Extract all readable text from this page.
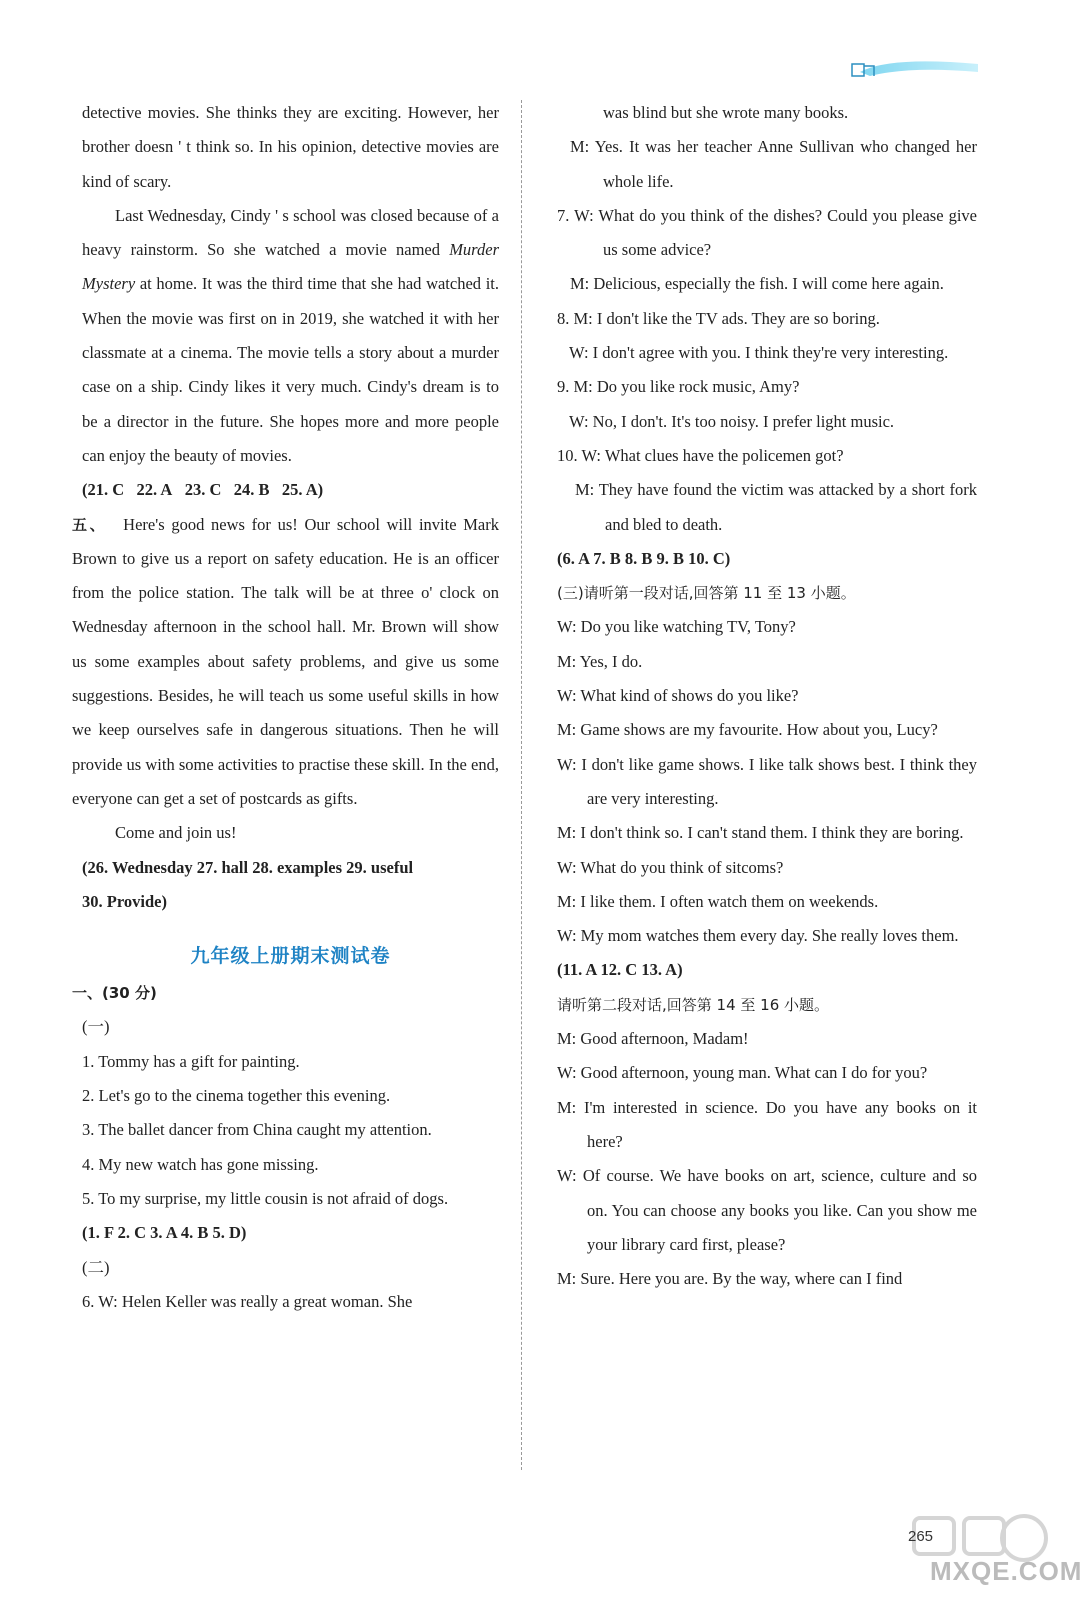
detective movies. She thinks they are exciting. However, her brother doesn ' t think so. In his opinion, detective movies are kind of scary.

Last Wednesday, Cindy ' s school was closed because of a heavy rainstorm. So she watched a movie named Murder Mystery at home. It was the third time that she had watched it. When the movie was first on in 2019, she watched it with her classmate at a cinema. The movie tells a story about a murder case on a ship. Cindy likes it very much. Cindy's dream is to be a director in the future. She hopes more and more people can enjoy the beauty of movies.

(21. C 22. A 23. C 24. B 25. A)

五、 Here's good news for us! Our school will invite Mark Brown to give us a report on safety education. He is an officer from the police station. The talk will be at three o' clock on Wednesday afternoon in the school hall. Mr. Brown will show us some examples about safety problems, and give us some suggestions. Besides, he will teach us some useful skills in how we keep ourselves safe in dangerous situations. Then he will provide us with some activities to practise these skill. In the end, everyone can get a set of postcards as gifts.

Come and join us!

(26. Wednesday 27. hall 28. examples 29. useful

30. Provide)

九年级上册期末测试卷

一、(30 分)

(一)

1. Tommy has a gift for painting.

2. Let's go to the cinema together this evening.

3. The ballet dancer from China caught my attention.

4. My new watch has gone missing.

5. To my surprise, my little cousin is not afraid of dogs.

(1. F 2. C 3. A 4. B 5. D)

(二)

6. W: Helen Keller was really a great woman. She

was blind but she wrote many books.

M: Yes. It was her teacher Anne Sullivan who changed her whole life.

7. W: What do you think of the dishes? Could you please give us some advice?

M: Delicious, especially the fish. I will come here again.

8. M: I don't like the TV ads. They are so boring.

W: I don't agree with you. I think they're very interesting.

9. M: Do you like rock music, Amy?

W: No, I don't. It's too noisy. I prefer light music.

10. W: What clues have the policemen got?

M: They have found the victim was attacked by a short fork and bled to death.

(6. A 7. B 8. B 9. B 10. C)

(三)请听第一段对话,回答第 11 至 13 小题。

W: Do you like watching TV, Tony?

M: Yes, I do.

W: What kind of shows do you like?

M: Game shows are my favourite. How about you, Lucy?

W: I don't like game shows. I like talk shows best. I think they are very interesting.

M: I don't think so. I can't stand them. I think they are boring.

W: What do you think of sitcoms?

M: I like them. I often watch them on weekends.

W: My mom watches them every day. She really loves them.

(11. A 12. C 13. A)

请听第二段对话,回答第 14 至 16 小题。

M: Good afternoon, Madam!

W: Good afternoon, young man. What can I do for you?

M: I'm interested in science. Do you have any books on it here?

W: Of course. We have books on art, science, culture and so on. You can choose any books you like. Can you show me your library card first, please?

M: Sure. Here you are. By the way, where can I find

265
MXQE.COM
